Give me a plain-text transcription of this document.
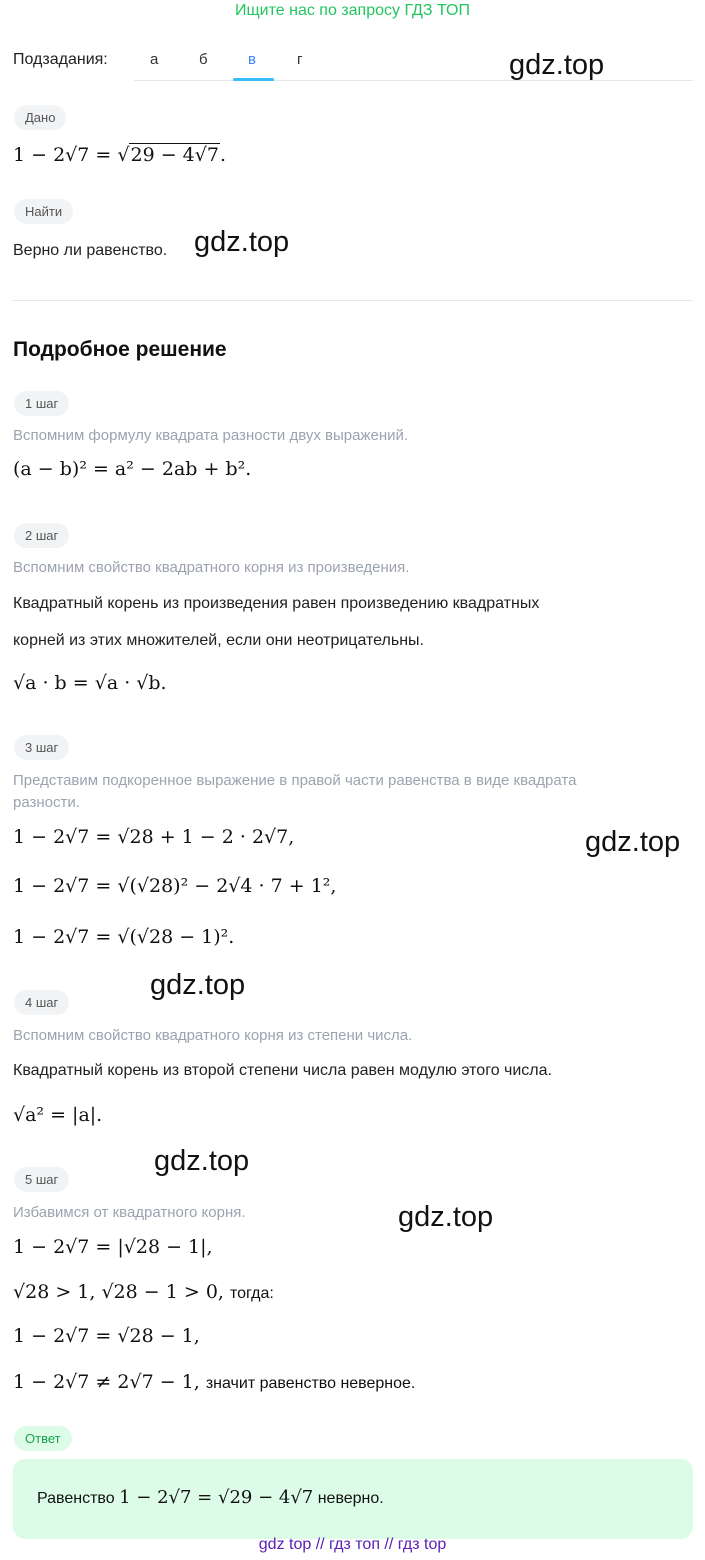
Ищите нас по запросу ГДЗ ТОП
Подзадания:	а	б	в	г	gdz.top
Дано
1 − 2√7 = √29 − 4√7.
Найти
Верно ли равенство. gdz.top
Подробное решение
1 шаг
Вспомним формулу квадрата разности двух выражений.
(a − b)² = a² − 2ab + b².
2 шаг
Вспомним свойство квадратного корня из произведения.
Квадратный корень из произведения равен произведению квадратных
корней из этих множителей, если они неотрицательны.
√a · b = √a · √b.
3 шаг
Представим подкоренное выражение в правой части равенства в виде квадрата
разности.
1 − 2√7 = √28 + 1 − 2 · 2√7,
1 − 2√7 = √(√28)² − 2√4 · 7 + 1²,
1 − 2√7 = √(√28 − 1)².
gdz.top
gdz.top
4 шаг
Вспомним свойство квадратного корня из степени числа.
Квадратный корень из второй степени числа равен модулю этого числа.
√a² = |a|.
gdz.top
5 шаг
Избавимся от квадратного корня.	gdz.top
1 − 2√7 = |√28 − 1|,
√28 > 1, √28 − 1 > 0, тогда:
1 − 2√7 = √28 − 1,
1 − 2√7 ≠ 2√7 − 1, значит равенство неверное.
Ответ
Равенство 1 − 2√7 = √29 − 4√7 неверно.
gdz top // гдз топ // гдз top
